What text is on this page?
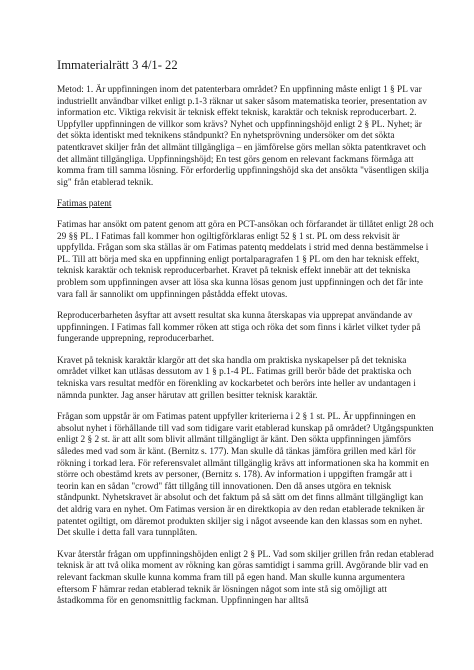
Immaterialrätt 3 4/1- 22

Metod: 1. Är uppfinningen inom det patenterbara området? En uppfinning måste enligt 1 § PL var industriellt användbar vilket enligt p.1-3 räknar ut saker såsom matematiska teorier, presentation av information etc. Viktiga rekvisit är teknisk effekt teknisk, karaktär och teknisk reproducerbart. 2. Uppfyller uppfinningen de villkor som krävs? Nyhet och uppfinningshöjd enligt 2 § PL. Nyhet; är det sökta identiskt med teknikens ståndpunkt? En nyhetsprövning undersöker om det sökta patentkravet skiljer från det allmänt tillgängliga – en jämförelse görs mellan sökta patentkravet och det allmänt tillgängliga. Uppfinningshöjd; En test görs genom en relevant fackmans förmåga att komma fram till samma lösning. För erforderlig uppfinningshöjd ska det ansökta "väsentligen skilja sig" från etablerad teknik.

Fatimas patent

Fatimas har ansökt om patent genom att göra en PCT-ansökan och förfarandet är tillåtet enligt 28 och 29 §§ PL. I Fatimas fall kommer hon ogiltigförklaras enligt 52 § 1 st. PL om dess rekvisit är uppfyllda. Frågan som ska ställas är om Fatimas patentq meddelats i strid med denna bestämmelse i PL. Till att börja med ska en uppfinning enligt portalparagrafen 1 § PL om den har teknisk effekt, teknisk karaktär och teknisk reproducerbarhet. Kravet på teknisk effekt innebär att det tekniska problem som uppfinningen avser att lösa ska kunna lösas genom just uppfinningen och det får inte vara fall är sannolikt om uppfinningen påstådda effekt utovas.

Reproducerbarheten åsyftar att avsett resultat ska kunna återskapas via upprepat användande av uppfinningen. I Fatimas fall kommer röken att stiga och röka det som finns i kärlet vilket tyder på fungerande upprepning, reproducerbarhet.

Kravet på teknisk karaktär klargör att det ska handla om praktiska nyskapelser på det tekniska området vilket kan utläsas dessutom av 1 § p.1-4 PL. Fatimas grill berör både det praktiska och tekniska vars resultat medför en förenkling av kockarbetet och berörs inte heller av undantagen i nämnda punkter. Jag anser härutav att grillen besitter teknisk karaktär.

Frågan som uppstår är om Fatimas patent uppfyller kriterierna i 2 § 1 st. PL. Är uppfinningen en absolut nyhet i förhållande till vad som tidigare varit etablerad kunskap på området? Utgångspunkten enligt 2 § 2 st. är att allt som blivit allmänt tillgängligt är känt. Den sökta uppfinningen jämförs således med vad som är känt. (Bernitz s. 177). Man skulle då tänkas jämföra grillen med kärl för rökning i torkad lera. För referensvalet allmänt tillgänglig krävs att informationen ska ha kommit en större och obestämd krets av personer, (Bernitz s. 178). Av information i uppgiften framgår att i teorin kan en sådan "crowd" fått tillgång till innovationen. Den då anses utgöra en teknisk ståndpunkt. Nyhetskravet är absolut och det faktum på så sätt om det finns allmänt tillgängligt kan det aldrig vara en nyhet. Om Fatimas version är en direktkopia av den redan etablerade tekniken är patentet ogiltigt, om däremot produkten skiljer sig i något avseende kan den klassas som en nyhet. Det skulle i detta fall vara tunnplåten.

Kvar återstår frågan om uppfinningshöjden enligt 2 § PL. Vad som skiljer grillen från redan etablerad teknisk är att två olika moment av rökning kan göras samtidigt i samma grill. Avgörande blir vad en relevant fackman skulle kunna komma fram till på egen hand. Man skulle kunna argumentera eftersom F hämrar redan etablerad teknik är lösningen något som inte stå sig omöjligt att åstadkomma för en genomsnittlig fackman. Uppfinningen har alltså
